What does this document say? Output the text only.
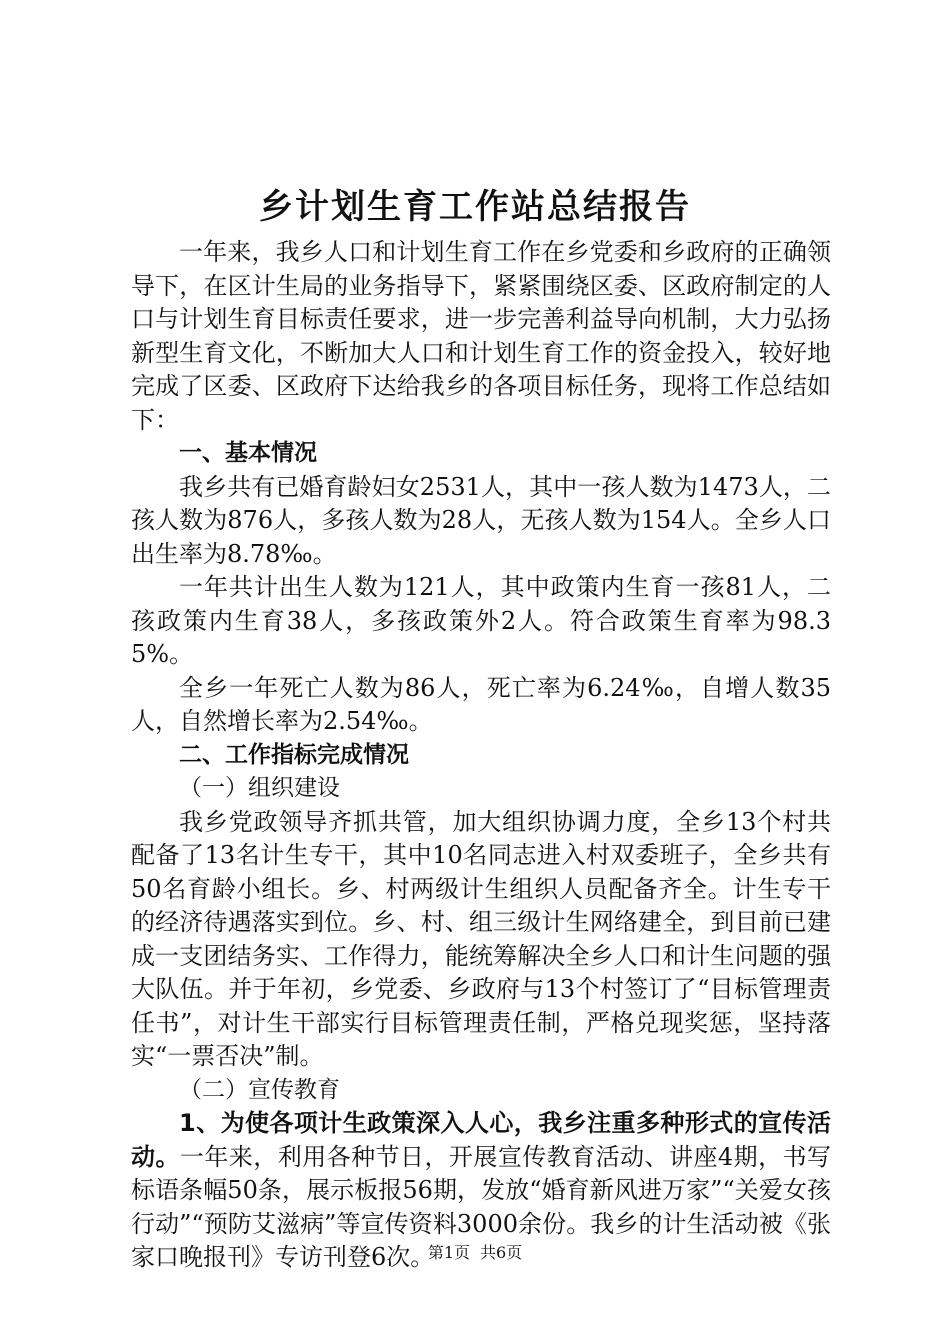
乡计划生育工作站总结报告

一年来，我乡人口和计划生育工作在乡党委和乡政府的正确领导下，在区计生局的业务指导下，紧紧围绕区委、区政府制定的人口与计划生育目标责任要求，进一步完善利益导向机制，大力弘扬新型生育文化，不断加大人口和计划生育工作的资金投入，较好地完成了区委、区政府下达给我乡的各项目标任务，现将工作总结如下：

一、基本情况

我乡共有已婚育龄妇女2531人，其中一孩人数为1473人，二孩人数为876人，多孩人数为28人，无孩人数为154人。全乡人口出生率为8.78‰。

一年共计出生人数为121人，其中政策内生育一孩81人，二孩政策内生育38人，多孩政策外2人。符合政策生育率为98.35%。

全乡一年死亡人数为86人，死亡率为6.24‰，自增人数35人，自然增长率为2.54‰。

二、工作指标完成情况
（一）组织建设

我乡党政领导齐抓共管，加大组织协调力度，全乡13个村共配备了13名计生专干，其中10名同志进入村双委班子，全乡共有50名育龄小组长。乡、村两级计生组织人员配备齐全。计生专干的经济待遇落实到位。乡、村、组三级计生网络建全，到目前已建成一支团结务实、工作得力，能统筹解决全乡人口和计生问题的强大队伍。并于年初，乡党委、乡政府与13个村签订了“目标管理责任书”，对计生干部实行目标管理责任制，严格兑现奖惩，坚持落实“一票否决”制。

（二）宣传教育

1、为使各项计生政策深入人心，我乡注重多种形式的宣传活动。一年来，利用各种节日，开展宣传教育活动、讲座4期，书写标语条幅50条，展示板报56期，发放“婚育新风进万家”“关爱女孩行动”“预防艾滋病”等宣传资料3000余份。我乡的计生活动被《张家口晚报刊》专访刊登6次。

第1页 共6页
